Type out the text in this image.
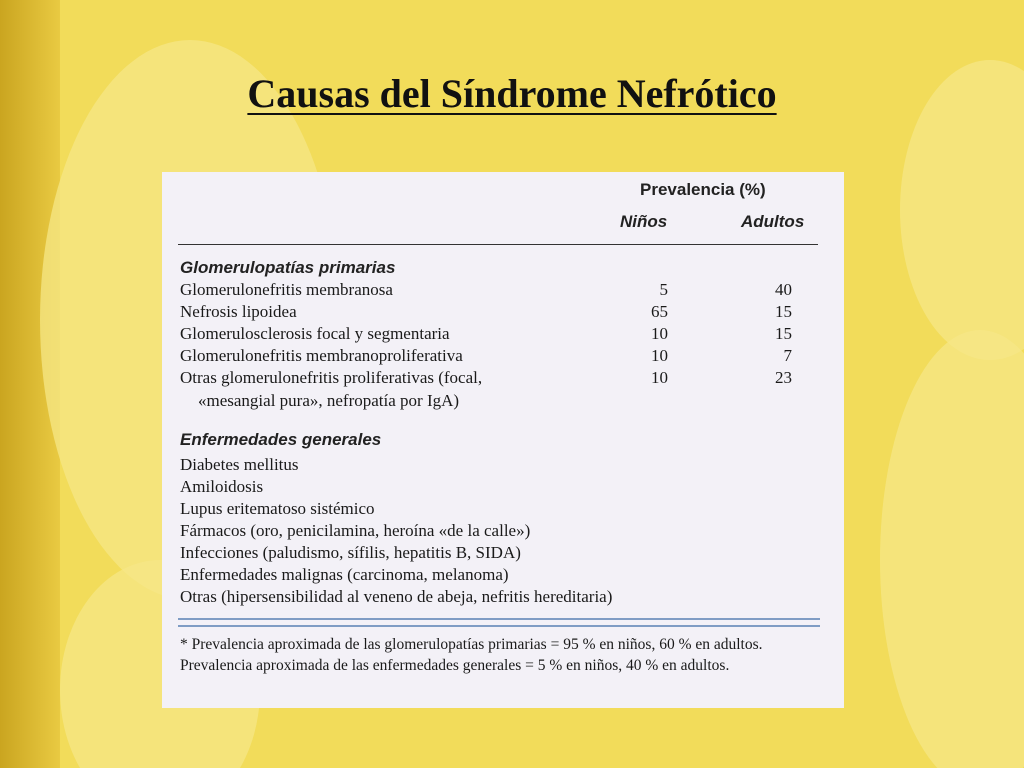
Causas del Síndrome Nefrótico
Prevalencia (%)
Niños	Adultos
Glomerulopatías primarias
Glomerulonefritis membranosa	5	40
Nefrosis lipoidea	65	15
Glomerulosclerosis focal y segmentaria	10	15
Glomerulonefritis membranoproliferativa	10	7
Otras glomerulonefritis proliferativas (focal,	10	23
«mesangial pura», nefropatía por IgA)
Enfermedades generales
Diabetes mellitus
Amiloidosis
Lupus eritematoso sistémico
Fármacos (oro, penicilamina, heroína «de la calle»)
Infecciones (paludismo, sífilis, hepatitis B, SIDA)
Enfermedades malignas (carcinoma, melanoma)
Otras (hipersensibilidad al veneno de abeja, nefritis hereditaria)
* Prevalencia aproximada de las glomerulopatías primarias = 95 % en niños, 60 % en adultos. Prevalencia aproximada de las enfermedades generales = 5 % en niños, 40 % en adultos.
